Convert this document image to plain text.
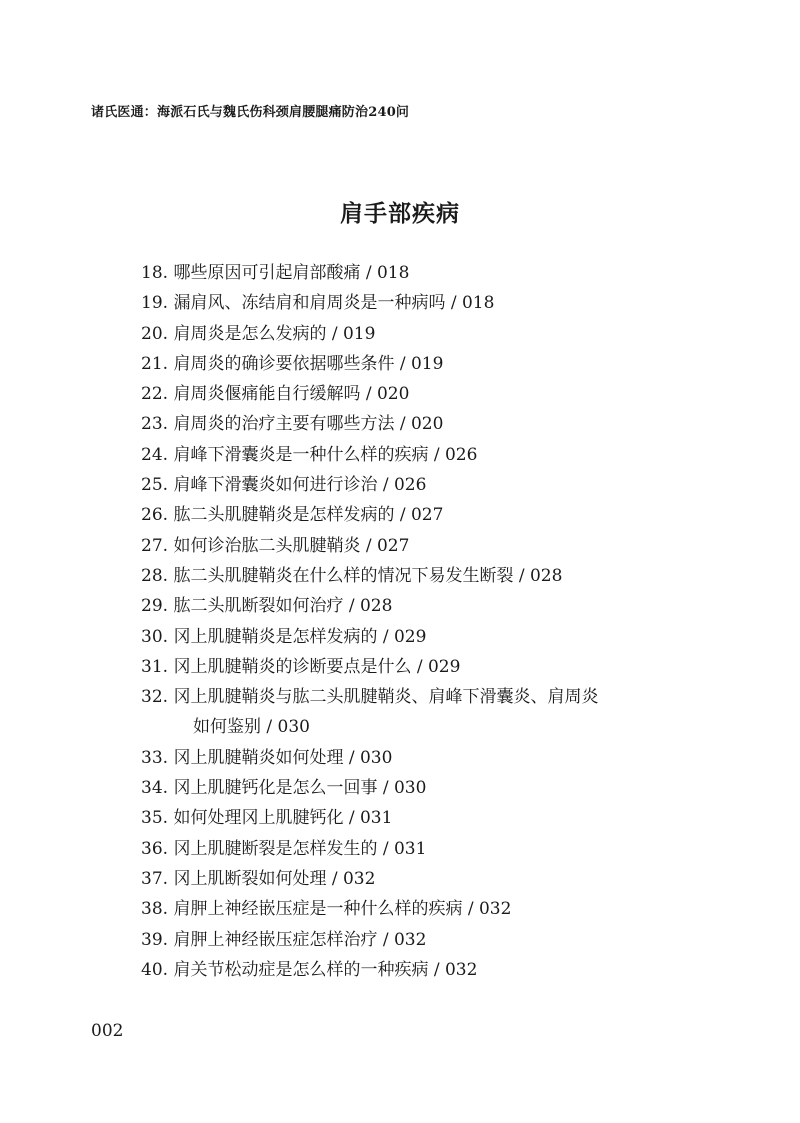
诸氏医通：海派石氏与魏氏伤科颈肩腰腿痛防治240问
肩手部疾病
18. 哪些原因可引起肩部酸痛 / 018
19. 漏肩风、冻结肩和肩周炎是一种病吗 / 018
20. 肩周炎是怎么发病的 / 019
21. 肩周炎的确诊要依据哪些条件 / 019
22. 肩周炎偃痛能自行缓解吗 / 020
23. 肩周炎的治疗主要有哪些方法 / 020
24. 肩峰下滑囊炎是一种什么样的疾病 / 026
25. 肩峰下滑囊炎如何进行诊治 / 026
26. 肱二头肌腱鞘炎是怎样发病的 / 027
27. 如何诊治肱二头肌腱鞘炎 / 027
28. 肱二头肌腱鞘炎在什么样的情况下易发生断裂 / 028
29. 肱二头肌断裂如何治疗 / 028
30. 冈上肌腱鞘炎是怎样发病的 / 029
31. 冈上肌腱鞘炎的诊断要点是什么 / 029
32. 冈上肌腱鞘炎与肱二头肌腱鞘炎、肩峰下滑囊炎、肩周炎
如何鉴别 / 030
33. 冈上肌腱鞘炎如何处理 / 030
34. 冈上肌腱钙化是怎么一回事 / 030
35. 如何处理冈上肌腱钙化 / 031
36. 冈上肌腱断裂是怎样发生的 / 031
37. 冈上肌断裂如何处理 / 032
38. 肩胛上神经嵌压症是一种什么样的疾病 / 032
39. 肩胛上神经嵌压症怎样治疗 / 032
40. 肩关节松动症是怎么样的一种疾病 / 032
002
